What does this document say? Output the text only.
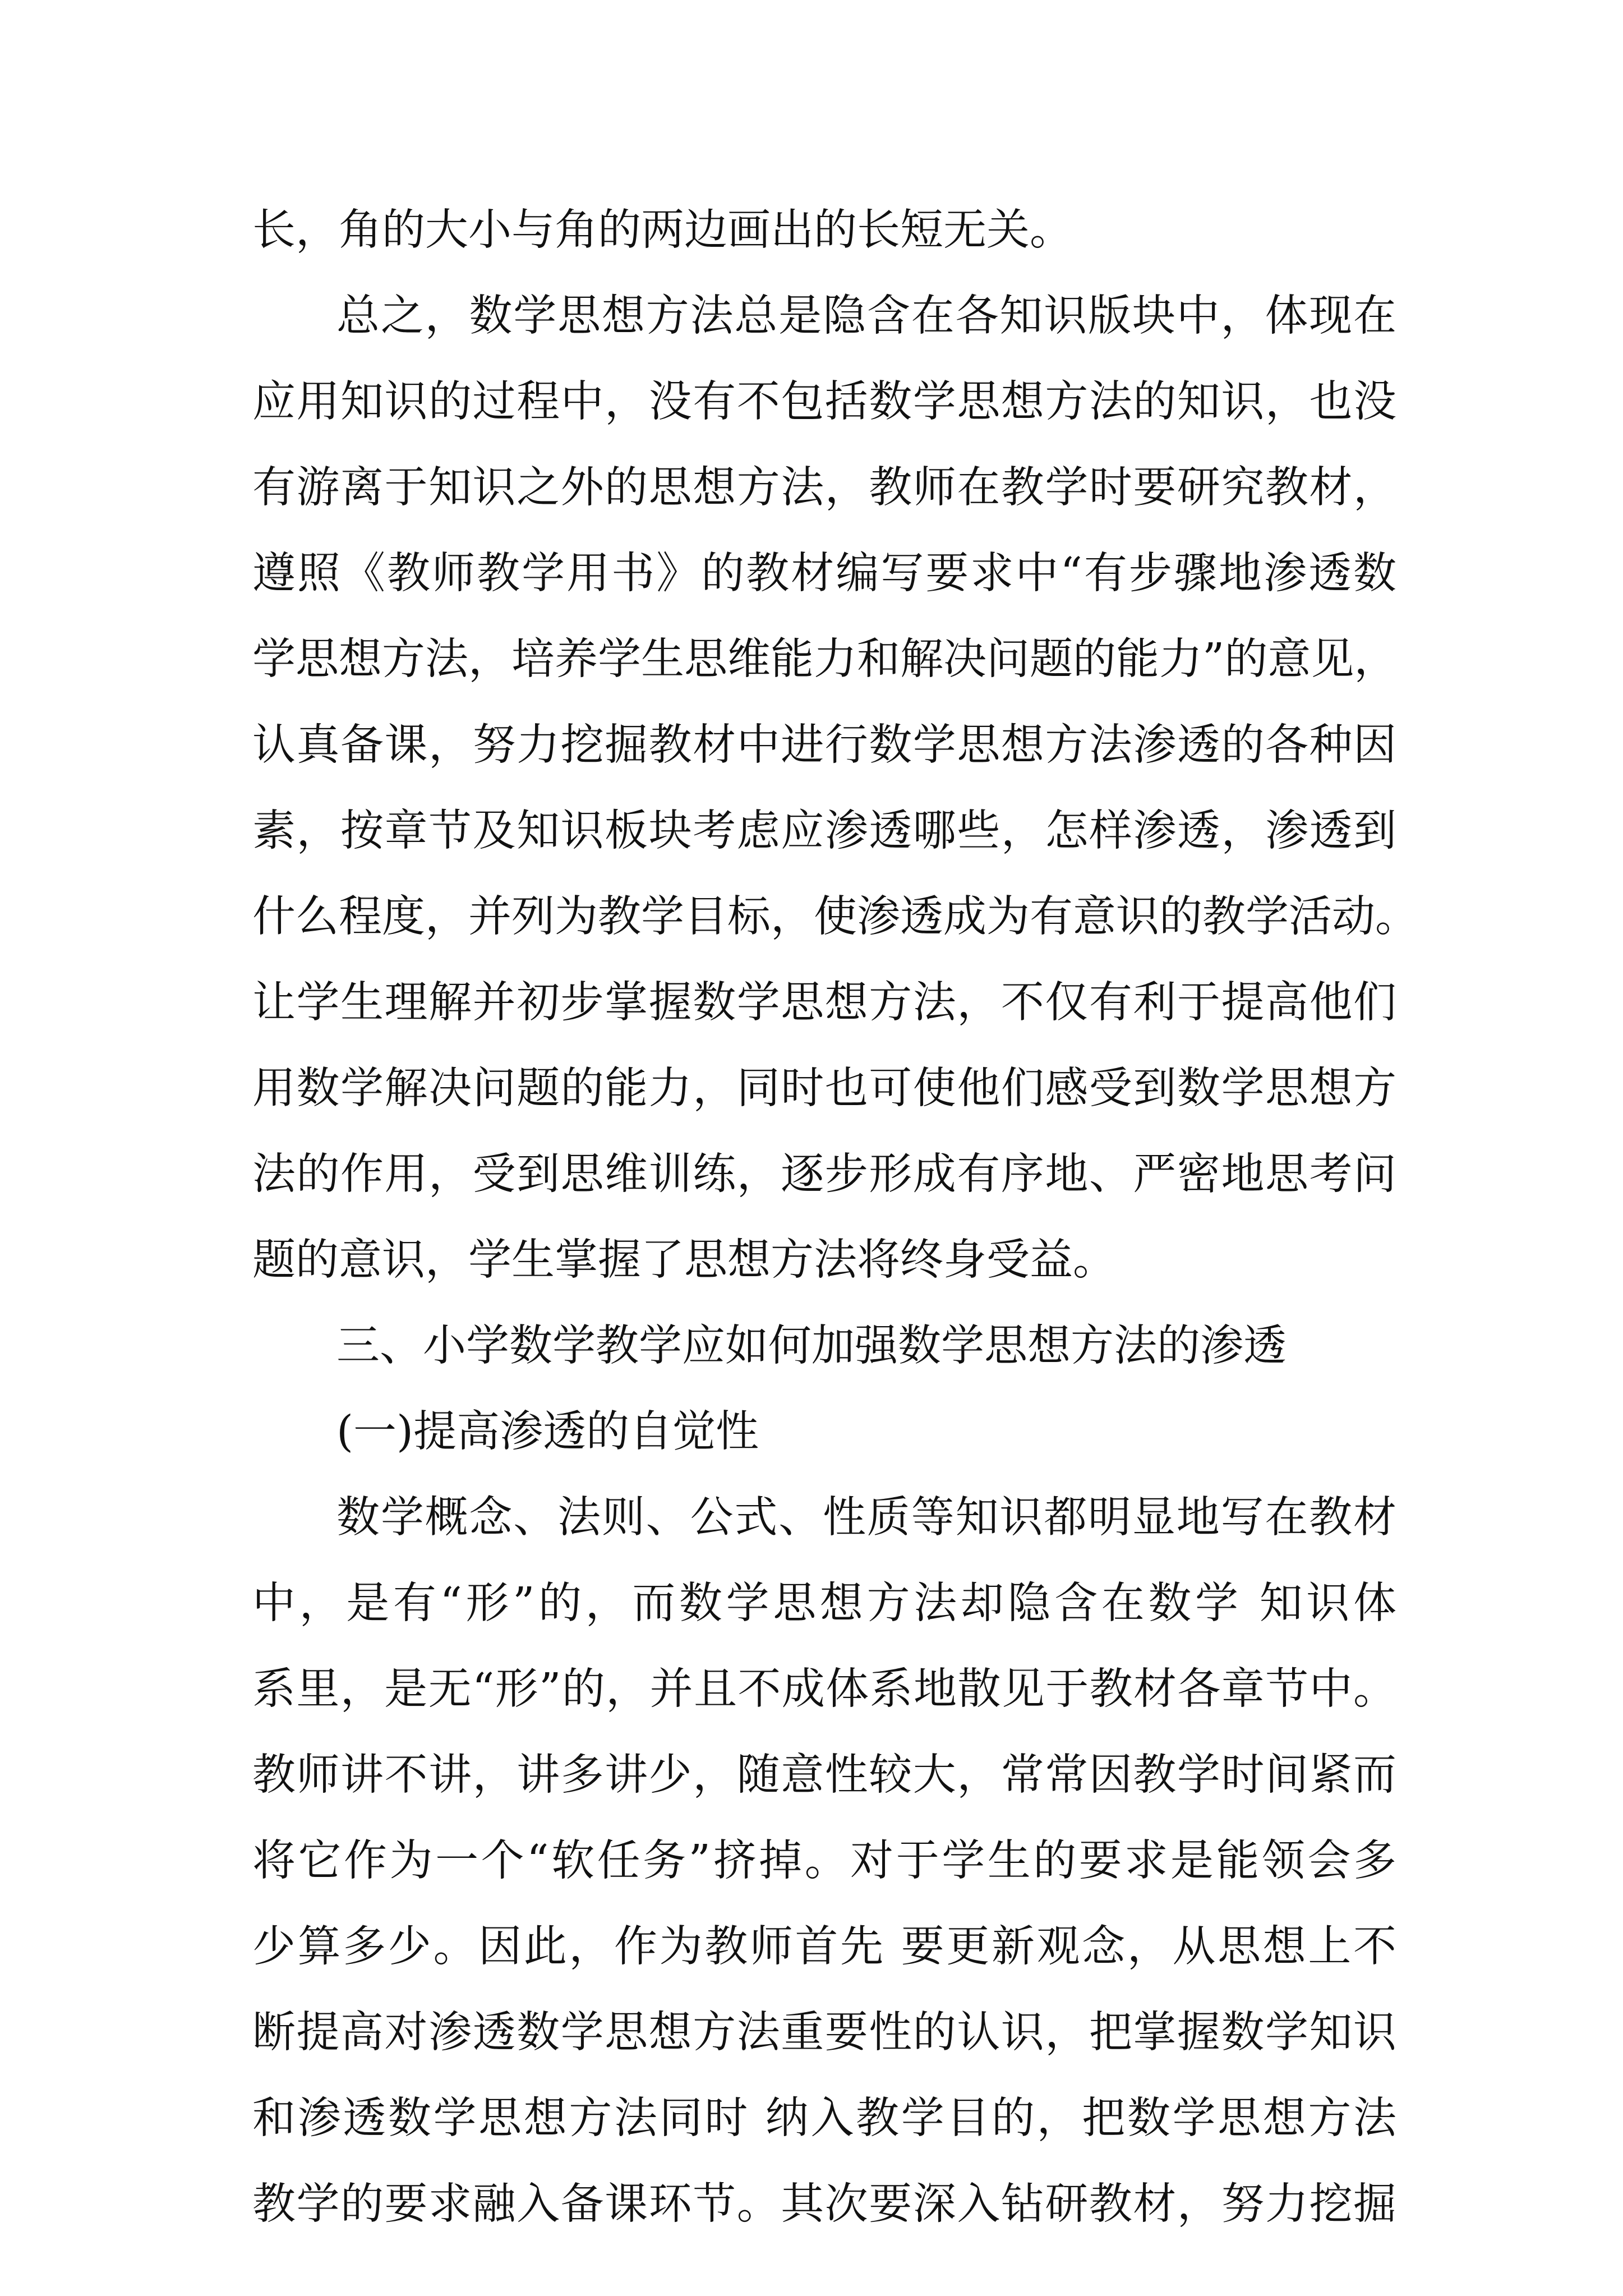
长，角的大小与角的两边画出的长短无关。
总之，数学思想方法总是隐含在各知识版块中，体现在
应用知识的过程中，没有不包括数学思想方法的知识，也没
有游离于知识之外的思想方法，教师在教学时要研究教材，
遵照《教师教学用书》的教材编写要求中“有步骤地渗透数
学思想方法，培养学生思维能力和解决问题的能力”的意见，
认真备课，努力挖掘教材中进行数学思想方法渗透的各种因
素，按章节及知识板块考虑应渗透哪些，怎样渗透，渗透到
什么程度，并列为教学目标，使渗透成为有意识的教学活动。
让学生理解并初步掌握数学思想方法，不仅有利于提高他们
用数学解决问题的能力，同时也可使他们感受到数学思想方
法的作用，受到思维训练，逐步形成有序地、严密地思考问
题的意识，学生掌握了思想方法将终身受益。
三、小学数学教学应如何加强数学思想方法的渗透
(一)提高渗透的自觉性
数学概念、法则、公式、性质等知识都明显地写在教材
中，是有“形”的，而数学思想方法却隐含在数学 知识体
系里，是无“形”的，并且不成体系地散见于教材各章节中。
教师讲不讲，讲多讲少，随意性较大，常常因教学时间紧而
将它作为一个“软任务”挤掉。对于学生的要求是能领会多
少算多少。因此，作为教师首先 要更新观念，从思想上不
断提高对渗透数学思想方法重要性的认识，把掌握数学知识
和渗透数学思想方法同时 纳入教学目的，把数学思想方法
教学的要求融入备课环节。其次要深入钻研教材，努力挖掘
